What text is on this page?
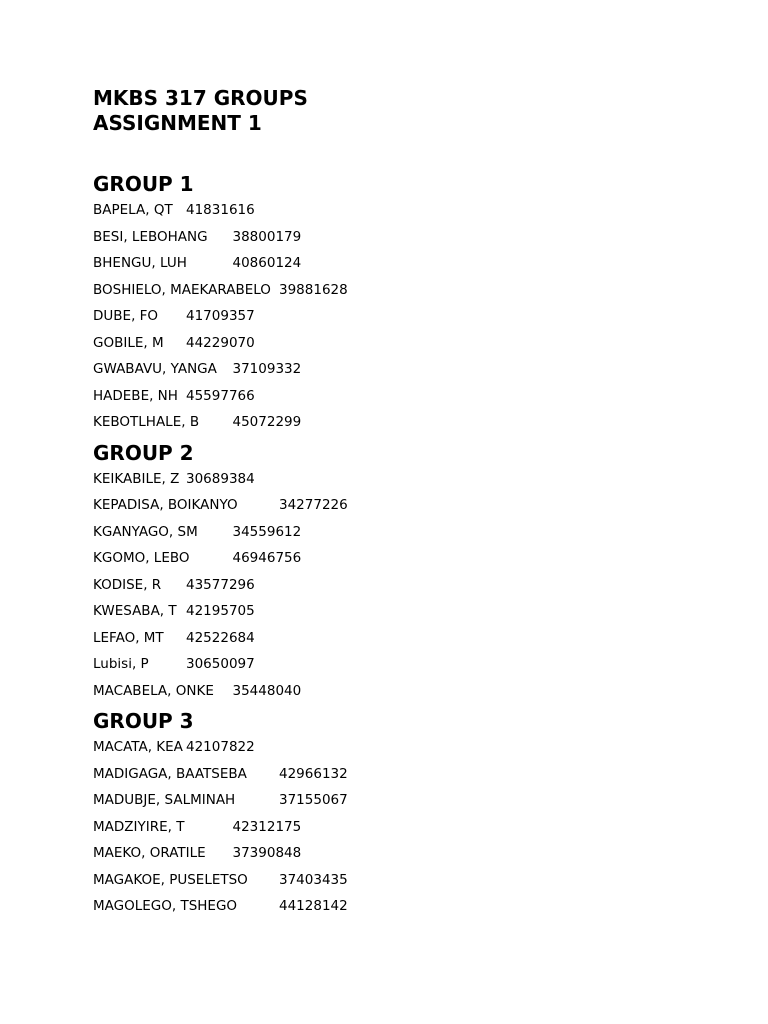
MKBS 317 GROUPS
ASSIGNMENT 1
GROUP 1
BAPELA, QT 41831616
BESI, LEBOHANG 38800179
BHENGU, LUH	40860124
BOSHIELO, MAEKARABELO 39881628
DUBE, FO 41709357
GOBILE, M 44229070
GWABAVU, YANGA 37109332
HADEBE, NH 45597766
KEBOTLHALE, B 45072299
GROUP 2
KEIKABILE, Z 30689384
KEPADISA, BOIKANYO	34277226
KGANYAGO, SM	34559612
KGOMO, LEBO	46946756
KODISE, R 43577296
KWESABA, T 42195705
LEFAO, MT 42522684
Lubisi, P	30650097
MACABELA, ONKE 35448040
GROUP 3
MACATA, KEA 42107822
MADIGAGA, BAATSEBA 42966132
MADUBJE, SALMINAH	37155067
MADZIYIRE, T	42312175
MAEKO, ORATILE 37390848
MAGAKOE, PUSELETSO 37403435
MAGOLEGO, TSHEGO	44128142
